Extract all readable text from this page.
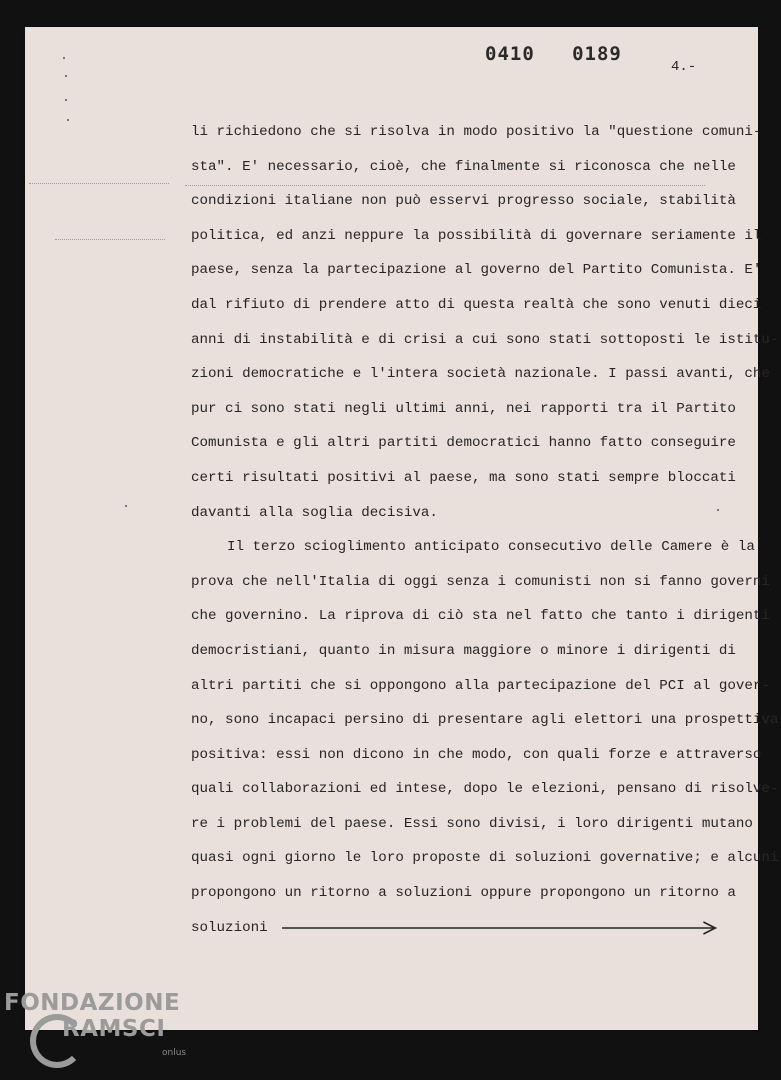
0410   0189
4.-
li richiedono che si risolva in modo positivo la "questione comuni-
sta". E' necessario, cioè, che finalmente si riconosca che nelle
condizioni italiane non può esservi progresso sociale, stabilità
politica, ed anzi neppure la possibilità di governare seriamente il
paese, senza la partecipazione al governo del Partito Comunista. E'
dal rifiuto di prendere atto di questa realtà che sono venuti dieci
anni di instabilità e di crisi a cui sono stati sottoposti le istitu-
zioni democratiche e l'intera società nazionale. I passi avanti, che
pur ci sono stati negli ultimi anni, nei rapporti tra il Partito
Comunista e gli altri partiti democratici hanno fatto conseguire
certi risultati positivi al paese, ma sono stati sempre bloccati
davanti alla soglia decisiva.
Il terzo scioglimento anticipato consecutivo delle Camere è la
prova che nell'Italia di oggi senza i comunisti non si fanno governi
che governino. La riprova di ciò sta nel fatto che tanto i dirigenti
democristiani, quanto in misura maggiore o minore i dirigenti di
altri partiti che si oppongono alla partecipazione del PCI al gover-
no, sono incapaci persino di presentare agli elettori una prospettiva
positiva: essi non dicono in che modo, con quali forze e attraverso
quali collaborazioni ed intese, dopo le elezioni, pensano di risolve-
re i problemi del paese. Essi sono divisi, i loro dirigenti mutano
quasi ogni giorno le loro proposte di soluzioni governative; e alcuni
propongono un ritorno a soluzioni oppure propongono un ritorno a
soluzioni
FONDAZIONE
RAMSCI
onlus
